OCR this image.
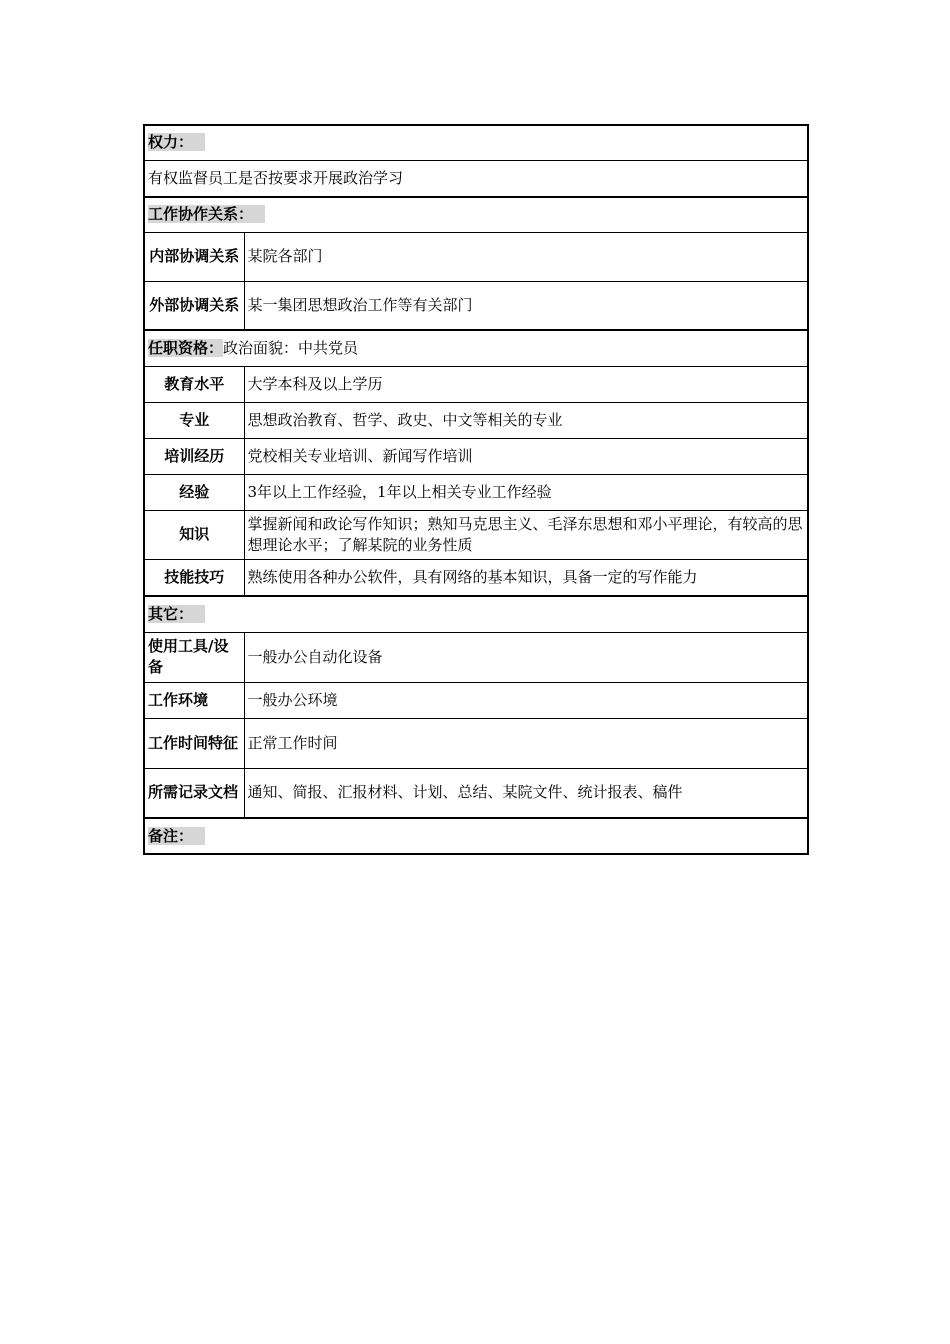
权力：	
有权监督员工是否按要求开展政治学习	
工作协作关系：	
内部协调关系	某院各部门
外部协调关系	某一集团思想政治工作等有关部门
任职资格：政治面貌：中共党员	
教育水平	大学本科及以上学历
专业	思想政治教育、哲学、政史、中文等相关的专业
培训经历	党校相关专业培训、新闻写作培训
经验	3年以上工作经验，1年以上相关专业工作经验
知识	掌握新闻和政论写作知识；熟知马克思主义、毛泽东思想和邓小平理论，有较高的思想理论水平；了解某院的业务性质
技能技巧	熟练使用各种办公软件，具有网络的基本知识，具备一定的写作能力
其它：	
使用工具/设备	一般办公自动化设备
工作环境	一般办公环境
工作时间特征	正常工作时间
所需记录文档	通知、简报、汇报材料、计划、总结、某院文件、统计报表、稿件
备注：	
